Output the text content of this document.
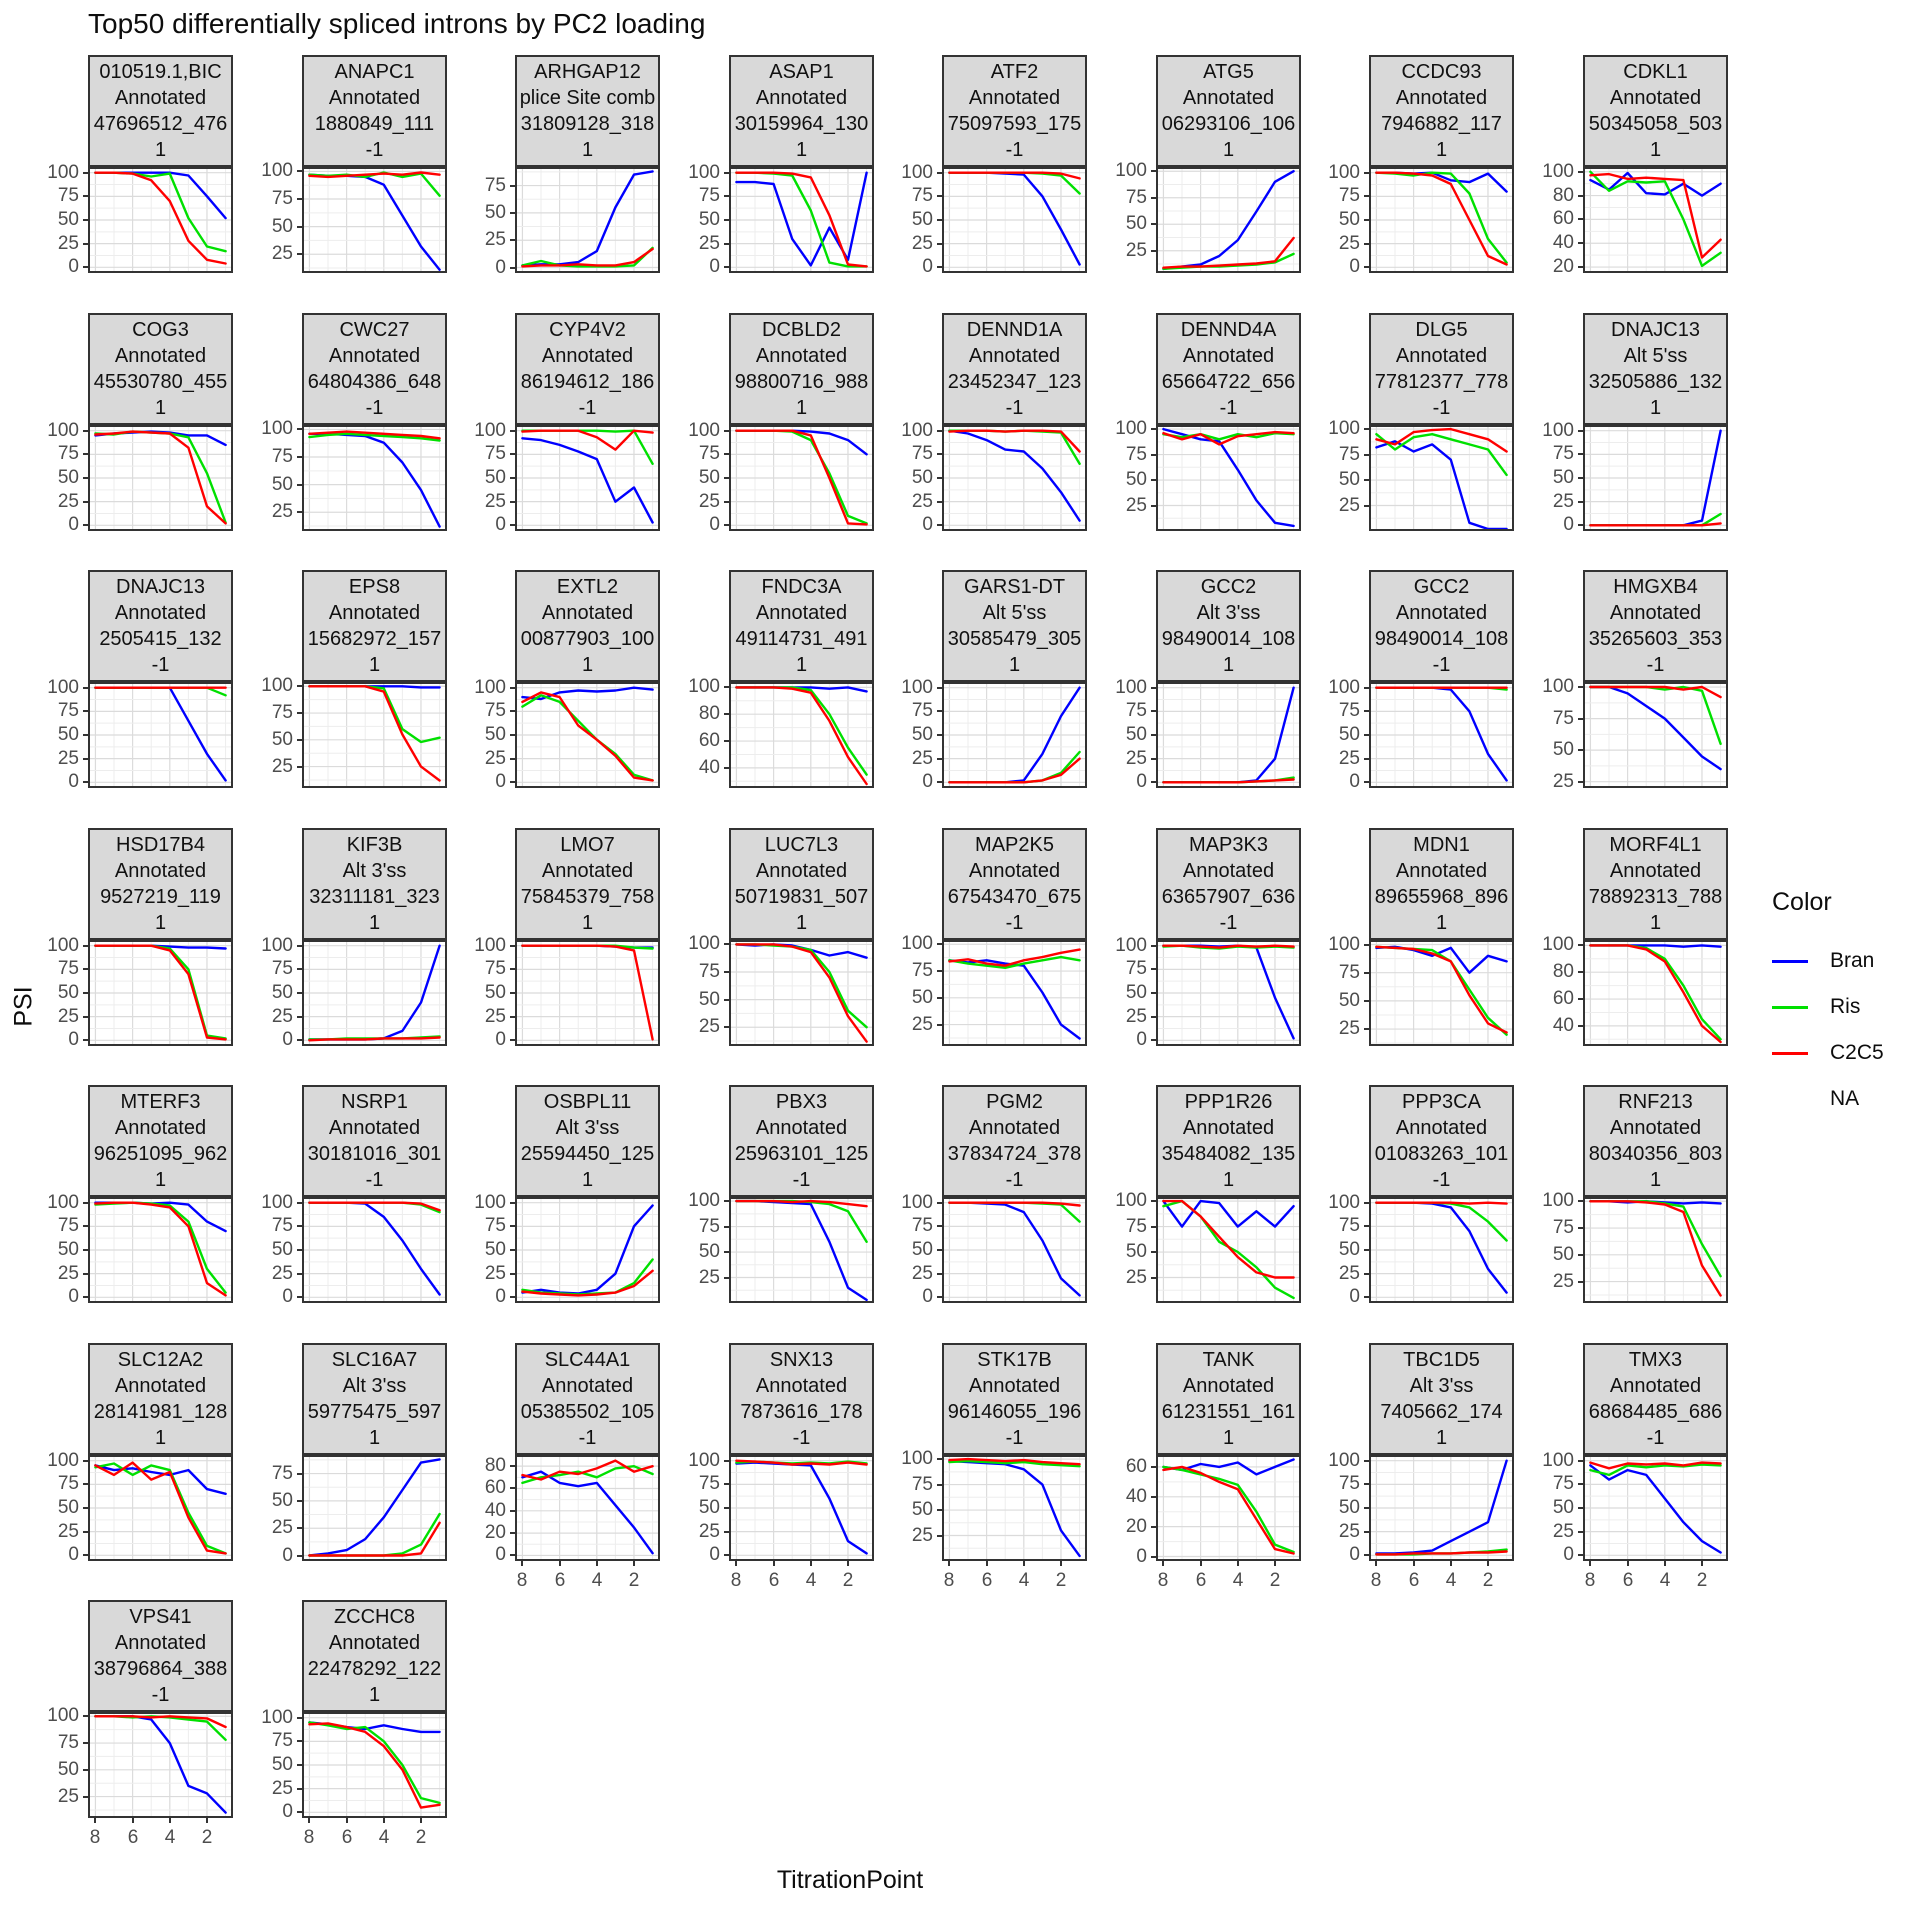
Top50 differentially spliced introns by PC2 loading
PSI
TitrationPoint
010519.1,BIC
Annotated
47696512_476
1
100
75
50
25
0
ANAPC1
Annotated
1880849_111
-1
100
75
50
25
ARHGAP12
plice Site comb
31809128_318
1
75
50
25
0
ASAP1
Annotated
30159964_130
1
100
75
50
25
0
ATF2
Annotated
75097593_175
-1
100
75
50
25
0
ATG5
Annotated
06293106_106
1
100
75
50
25
CCDC93
Annotated
7946882_117
1
100
75
50
25
0
CDKL1
Annotated
50345058_503
1
100
80
60
40
20
COG3
Annotated
45530780_455
1
100
75
50
25
0
CWC27
Annotated
64804386_648
-1
100
75
50
25
CYP4V2
Annotated
86194612_186
-1
100
75
50
25
0
DCBLD2
Annotated
98800716_988
1
100
75
50
25
0
DENND1A
Annotated
23452347_123
-1
100
75
50
25
0
DENND4A
Annotated
65664722_656
-1
100
75
50
25
DLG5
Annotated
77812377_778
-1
100
75
50
25
DNAJC13
Alt 5'ss
32505886_132
1
100
75
50
25
0
DNAJC13
Annotated
2505415_132
-1
100
75
50
25
0
EPS8
Annotated
15682972_157
1
100
75
50
25
EXTL2
Annotated
00877903_100
1
100
75
50
25
0
FNDC3A
Annotated
49114731_491
1
100
80
60
40
GARS1-DT
Alt 5'ss
30585479_305
1
100
75
50
25
0
GCC2
Alt 3'ss
98490014_108
1
100
75
50
25
0
GCC2
Annotated
98490014_108
-1
100
75
50
25
0
HMGXB4
Annotated
35265603_353
-1
100
75
50
25
HSD17B4
Annotated
9527219_119
1
100
75
50
25
0
KIF3B
Alt 3'ss
32311181_323
1
100
75
50
25
0
LMO7
Annotated
75845379_758
1
100
75
50
25
0
LUC7L3
Annotated
50719831_507
1
100
75
50
25
MAP2K5
Annotated
67543470_675
-1
100
75
50
25
MAP3K3
Annotated
63657907_636
-1
100
75
50
25
0
MDN1
Annotated
89655968_896
1
100
75
50
25
MORF4L1
Annotated
78892313_788
1
100
80
60
40
MTERF3
Annotated
96251095_962
1
100
75
50
25
0
NSRP1
Annotated
30181016_301
-1
100
75
50
25
0
OSBPL11
Alt 3'ss
25594450_125
1
100
75
50
25
0
PBX3
Annotated
25963101_125
-1
100
75
50
25
PGM2
Annotated
37834724_378
-1
100
75
50
25
0
PPP1R26
Annotated
35484082_135
1
100
75
50
25
PPP3CA
Annotated
01083263_101
-1
100
75
50
25
0
RNF213
Annotated
80340356_803
1
100
75
50
25
SLC12A2
Annotated
28141981_128
1
100
75
50
25
0
SLC16A7
Alt 3'ss
59775475_597
1
75
50
25
0
SLC44A1
Annotated
05385502_105
-1
80
60
40
20
0
8	6	4	2
SNX13
Annotated
7873616_178
-1
100
75
50
25
0
8	6	4	2
STK17B
Annotated
96146055_196
-1
100
75
50
25
8	6	4	2
TANK
Annotated
61231551_161
1
60
40
20
0
8	6	4	2
TBC1D5
Alt 3'ss
7405662_174
1
100
75
50
25
0
8	6	4	2
TMX3
Annotated
68684485_686
-1
100
75
50
25
0
8	6	4	2
VPS41
Annotated
38796864_388
-1
100
75
50
25
8	6	4	2
ZCCHC8
Annotated
22478292_122
1
100
75
50
25
0
8	6	4	2
Color
Bran
Ris
C2C5
NA
